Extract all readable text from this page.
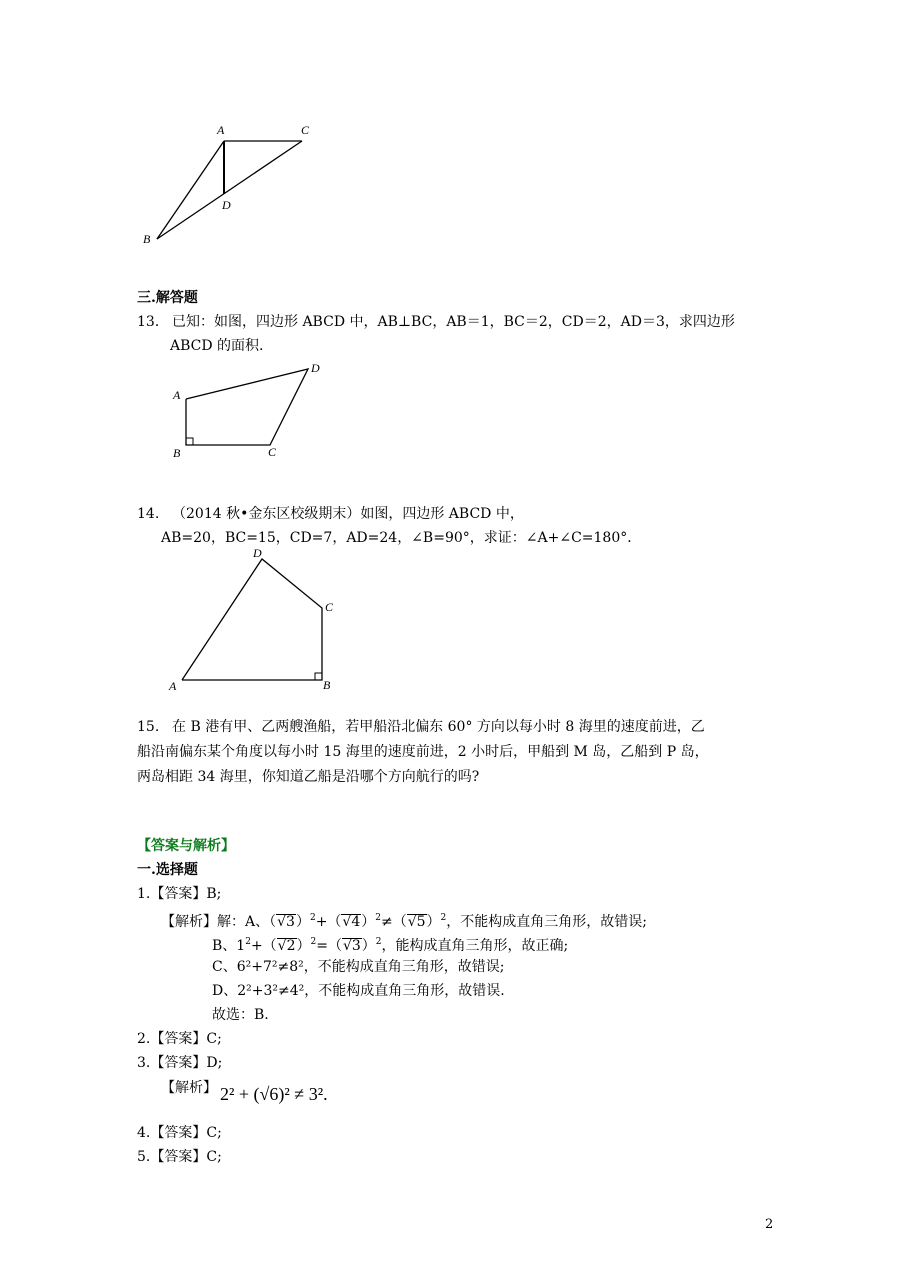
A	C
D
B
三.解答题
13． 已知：如图，四边形 ABCD 中，AB⊥BC，AB＝1，BC＝2，CD＝2，AD＝3，求四边形
ABCD 的面积.
A
D
B	C
14. （2014 秋•金东区校级期末）如图，四边形 ABCD 中，
AB=20，BC=15，CD=7，AD=24，∠B=90°，求证：∠A+∠C=180°．
D
C
A	B
15. 在 B 港有甲、乙两艘渔船，若甲船沿北偏东 60° 方向以每小时 8 海里的速度前进，乙
船沿南偏东某个角度以每小时 15 海里的速度前进，2 小时后，甲船到 M 岛，乙船到 P 岛，
两岛相距 34 海里，你知道乙船是沿哪个方向航行的吗?
【答案与解析】
一.选择题
1.【答案】B;
【解析】解：A、$(√3)^2+(√4)^2\ne(√5)^2$，不能构成直角三角形，故错误;
B、$1^2+(√2)^2=(√3)^2$，能构成直角三角形，故正确;
C、6²+7²≠8²，不能构成直角三角形，故错误;
D、2²+3²≠4²，不能构成直角三角形，故错误.
故选：B.
2.【答案】C;
3.【答案】D;
【解析】 2² + (√6)² ≠ 3².
4.【答案】C;
5.【答案】C;
2
